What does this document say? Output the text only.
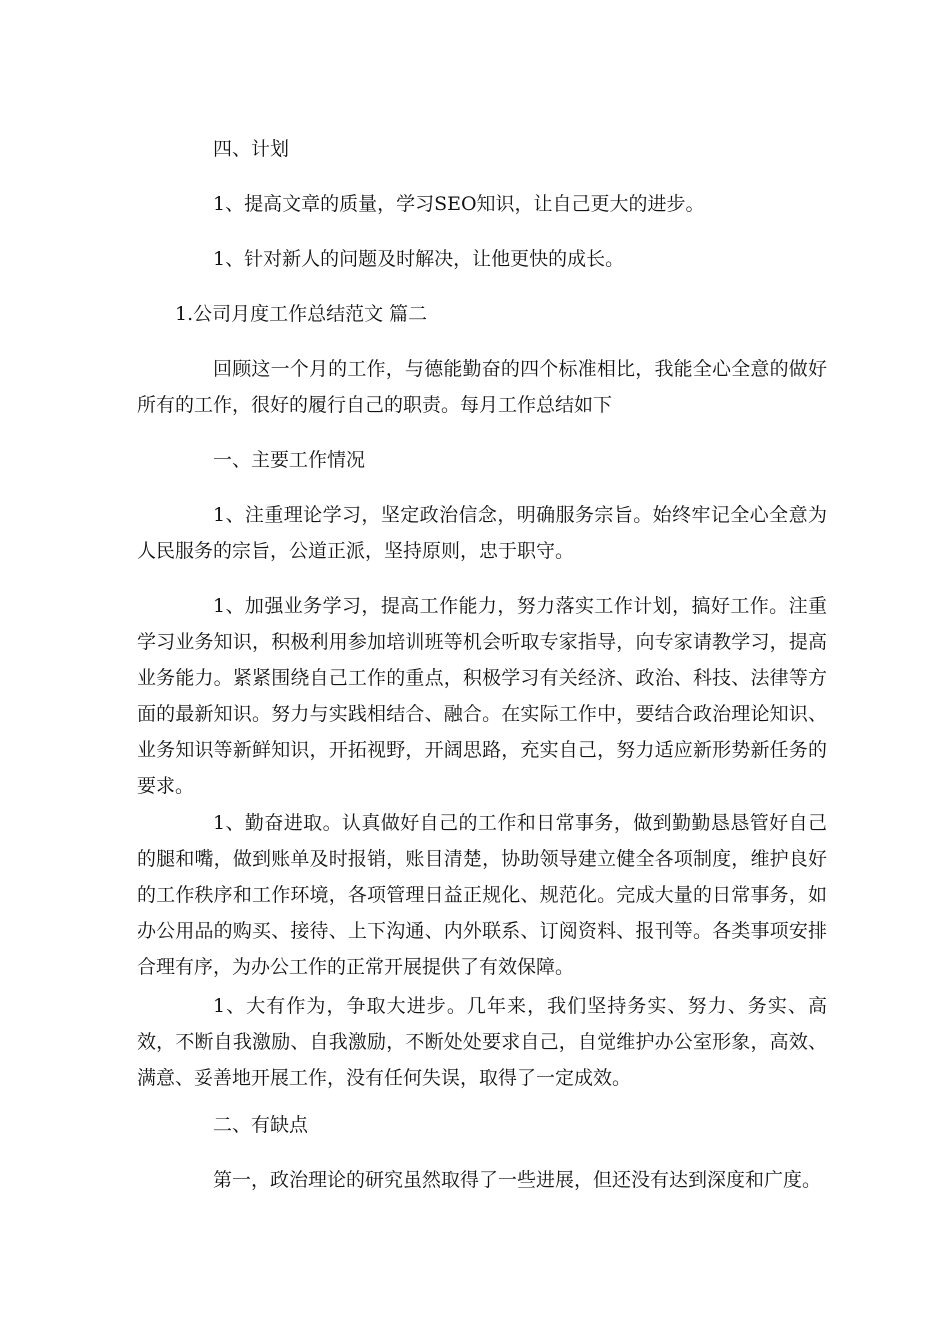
四、计划

1、提高文章的质量，学习SEO知识，让自己更大的进步。

1、针对新人的问题及时解决，让他更快的成长。

1.公司月度工作总结范文 篇二

回顾这一个月的工作，与德能勤奋的四个标准相比，我能全心全意的做好所有的工作，很好的履行自己的职责。每月工作总结如下

一、主要工作情况

1、注重理论学习，坚定政治信念，明确服务宗旨。始终牢记全心全意为人民服务的宗旨，公道正派，坚持原则，忠于职守。

1、加强业务学习，提高工作能力，努力落实工作计划，搞好工作。注重学习业务知识，积极利用参加培训班等机会听取专家指导，向专家请教学习，提高业务能力。紧紧围绕自己工作的重点，积极学习有关经济、政治、科技、法律等方面的最新知识。努力与实践相结合、融合。在实际工作中，要结合政治理论知识、业务知识等新鲜知识，开拓视野，开阔思路，充实自己，努力适应新形势新任务的要求。

1、勤奋进取。认真做好自己的工作和日常事务，做到勤勤恳恳管好自己的腿和嘴，做到账单及时报销，账目清楚，协助领导建立健全各项制度，维护良好的工作秩序和工作环境，各项管理日益正规化、规范化。完成大量的日常事务，如办公用品的购买、接待、上下沟通、内外联系、订阅资料、报刊等。各类事项安排合理有序，为办公工作的正常开展提供了有效保障。

1、大有作为，争取大进步。几年来，我们坚持务实、努力、务实、高效，不断自我激励、自我激励，不断处处要求自己，自觉维护办公室形象，高效、满意、妥善地开展工作，没有任何失误，取得了一定成效。

二、有缺点

第一，政治理论的研究虽然取得了一些进展，但还没有达到深度和广度。
